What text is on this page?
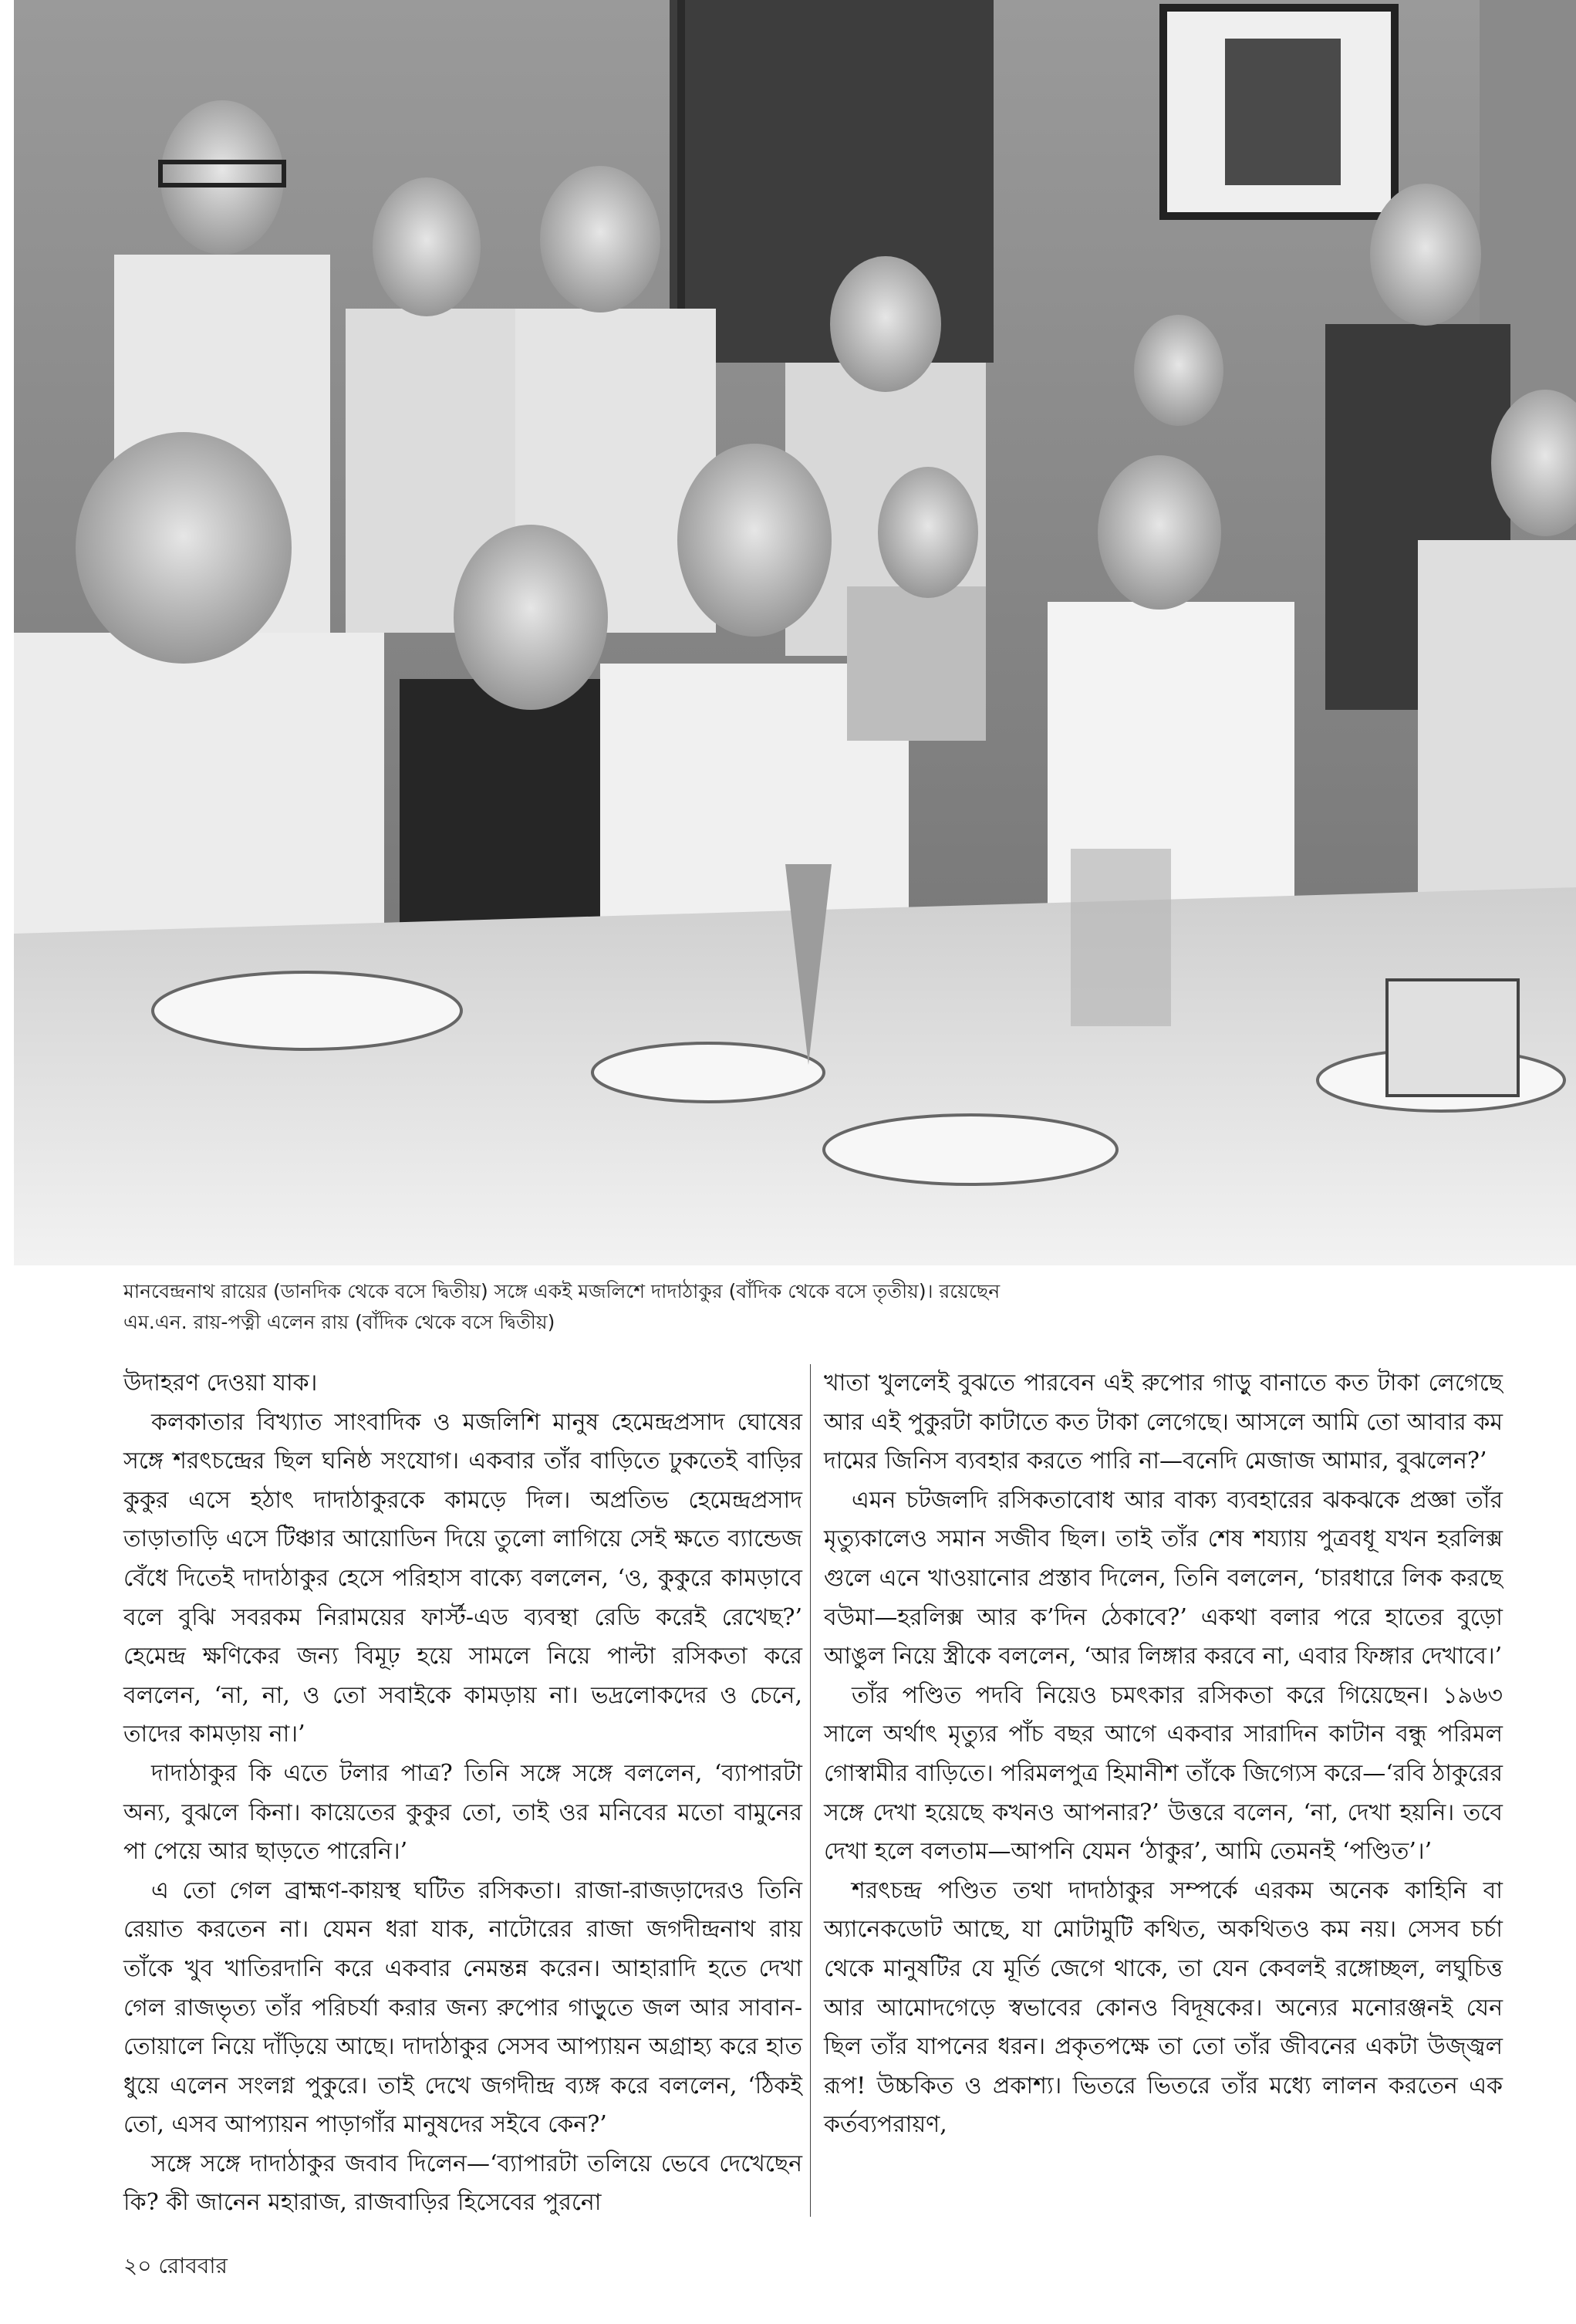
মানবেন্দ্রনাথ রায়ের (ডানদিক থেকে বসে দ্বিতীয়) সঙ্গে একই মজলিশে দাদাঠাকুর (বাঁদিক থেকে বসে তৃতীয়)। রয়েছেন

এম.এন. রায়-পত্নী এলেন রায় (বাঁদিক থেকে বসে দ্বিতীয়)

উদাহরণ দেওয়া যাক।

কলকাতার বিখ্যাত সাংবাদিক ও মজলিশি মানুষ হেমেন্দ্রপ্রসাদ ঘোষের সঙ্গে শরৎচন্দ্রের ছিল ঘনিষ্ঠ সংযোগ। একবার তাঁর বাড়িতে ঢুকতেই বাড়ির কুকুর এসে হঠাৎ দাদাঠাকুরকে কামড়ে দিল। অপ্রতিভ হেমেন্দ্রপ্রসাদ তাড়াতাড়ি এসে টিঞ্চার আয়োডিন দিয়ে তুলো লাগিয়ে সেই ক্ষতে ব্যান্ডেজ বেঁধে দিতেই দাদাঠাকুর হেসে পরিহাস বাক্যে বললেন, ‘ও, কুকুরে কামড়াবে বলে বুঝি সবরকম নিরাময়ের ফার্স্ট-এড ব্যবস্থা রেডি করেই রেখেছ?’ হেমেন্দ্র ক্ষণিকের জন্য বিমূঢ় হয়ে সামলে নিয়ে পাল্টা রসিকতা করে বললেন, ‘না, না, ও তো সবাইকে কামড়ায় না। ভদ্রলোকদের ও চেনে, তাদের কামড়ায় না।’

দাদাঠাকুর কি এতে টলার পাত্র? তিনি সঙ্গে সঙ্গে বললেন, ‘ব্যাপারটা অন্য, বুঝলে কিনা। কায়েতের কুকুর তো, তাই ওর মনিবের মতো বামুনের পা পেয়ে আর ছাড়তে পারেনি।’

এ তো গেল ব্রাহ্মণ-কায়স্থ ঘটিত রসিকতা। রাজা-রাজড়াদেরও তিনি রেয়াত করতেন না। যেমন ধরা যাক, নাটোরের রাজা জগদীন্দ্রনাথ রায় তাঁকে খুব খাতিরদানি করে একবার নেমন্তন্ন করেন। আহারাদি হতে দেখা গেল রাজভৃত্য তাঁর পরিচর্যা করার জন্য রুপোর গাড়ুতে জল আর সাবান-তোয়ালে নিয়ে দাঁড়িয়ে আছে। দাদাঠাকুর সেসব আপ্যায়ন অগ্রাহ্য করে হাত ধুয়ে এলেন সংলগ্ন পুকুরে। তাই দেখে জগদীন্দ্র ব্যঙ্গ করে বললেন, ‘ঠিকই তো, এসব আপ্যায়ন পাড়াগাঁর মানুষদের সইবে কেন?’

সঙ্গে সঙ্গে দাদাঠাকুর জবাব দিলেন—‘ব্যাপারটা তলিয়ে ভেবে দেখেছেন কি? কী জানেন মহারাজ, রাজবাড়ির হিসেবের পুরনো

খাতা খুললেই বুঝতে পারবেন এই রুপোর গাড়ু বানাতে কত টাকা লেগেছে আর এই পুকুরটা কাটাতে কত টাকা লেগেছে। আসলে আমি তো আবার কম দামের জিনিস ব্যবহার করতে পারি না—বনেদি মেজাজ আমার, বুঝলেন?’

এমন চটজলদি রসিকতাবোধ আর বাক্য ব্যবহারের ঝকঝকে প্রজ্ঞা তাঁর মৃত্যুকালেও সমান সজীব ছিল। তাই তাঁর শেষ শয্যায় পুত্রবধূ যখন হরলিক্স গুলে এনে খাওয়ানোর প্রস্তাব দিলেন, তিনি বললেন, ‘চারধারে লিক করছে বউমা—হরলিক্স আর ক’দিন ঠেকাবে?’ একথা বলার পরে হাতের বুড়ো আঙুল নিয়ে স্ত্রীকে বললেন, ‘আর লিঙ্গার করবে না, এবার ফিঙ্গার দেখাবে।’

তাঁর পণ্ডিত পদবি নিয়েও চমৎকার রসিকতা করে গিয়েছেন। ১৯৬৩ সালে অর্থাৎ মৃত্যুর পাঁচ বছর আগে একবার সারাদিন কাটান বন্ধু পরিমল গোস্বামীর বাড়িতে। পরিমলপুত্র হিমানীশ তাঁকে জিগ্যেস করে—‘রবি ঠাকুরের সঙ্গে দেখা হয়েছে কখনও আপনার?’ উত্তরে বলেন, ‘না, দেখা হয়নি। তবে দেখা হলে বলতাম—আপনি যেমন ‘ঠাকুর’, আমি তেমনই ‘পণ্ডিত’।’

শরৎচন্দ্র পণ্ডিত তথা দাদাঠাকুর সম্পর্কে এরকম অনেক কাহিনি বা অ্যানেকডোট আছে, যা মোটামুটি কথিত, অকথিতও কম নয়। সেসব চর্চা থেকে মানুষটির যে মূর্তি জেগে থাকে, তা যেন কেবলই রঙ্গোচ্ছল, লঘুচিত্ত আর আমোদগেড়ে স্বভাবের কোনও বিদূষকের। অন্যের মনোরঞ্জনই যেন ছিল তাঁর যাপনের ধরন। প্রকৃতপক্ষে তা তো তাঁর জীবনের একটা উজ্জ্বল রূপ! উচ্চকিত ও প্রকাশ্য। ভিতরে ভিতরে তাঁর মধ্যে লালন করতেন এক কর্তব্যপরায়ণ,

২০ রোববার
